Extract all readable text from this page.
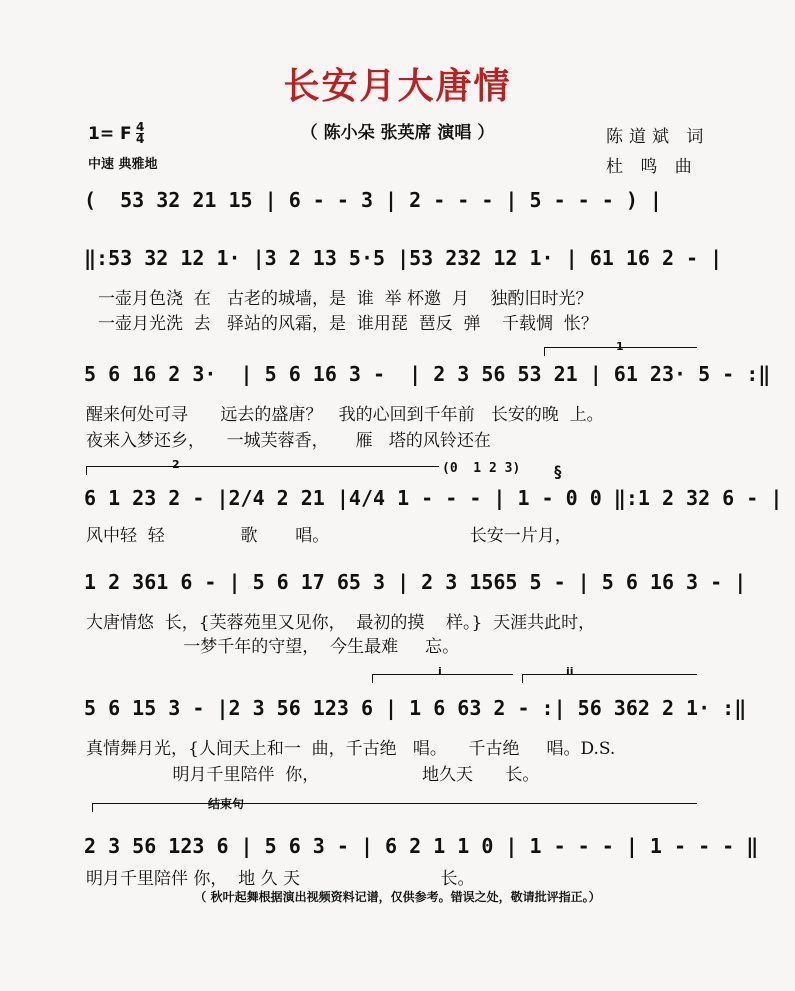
长安月大唐情
（ 陈小朵 张英席 演唱 ）
1= F $\frac{4}{4}$
中速 典雅地
陈道斌 词
杜 鸣 曲
(  53 32 21 15 | 6 - - 3 | 2 - - - | 5 - - - ) |
‖:53 32 12 1· |3 2 13 5·5 |53 232 12 1· | 61 16 2 - |
一壶月色浇  在   古老的城墙，是  谁  举 杯邀  月    独酌旧时光？
一壶月光洗  去   驿站的风霜，是  谁用琵  琶反  弹    千载惆  怅？
1
5 6 16 2 3·  | 5 6 16 3 -  | 2 3 56 53 21 | 61 23· 5 - :‖
醒来何处可寻      远去的盛唐？   我的心回到千年前   长安的晚  上。
夜来入梦还乡，    一城芙蓉香，     雁   塔的风铃还在
2	(0  1 2 3) §
6 1 23 2 - |2/4 2 21 |4/4 1 - - - | 1 - 0 0 ‖:1 2 32 6 - |
风中轻  轻              歌       唱。                          长安一片月，
1 2 361 6 - | 5 6 17 65 3 | 2 3 1565 5 - | 5 6 16 3 - |
大唐情悠  长，{芙蓉苑里又见你，  最初的摸    样。}  天涯共此时，
一梦千年的守望，  今生最难     忘。
i	ii
5 6 15 3 - |2 3 56 123 6 | 1 6 63 2 - :| 56 362 2 1· :‖
真情舞月光，{人间天上和一  曲，千古绝   唱。    千古绝     唱。D.S.
明月千里陪伴  你，                   地久天      长。
结束句
2 3 56 123 6 | 5 6 3 - | 6 2 1 1 0 | 1 - - - | 1 - - - ‖
明月千里陪伴 你，  地 久 天                          长。
（ 秋叶起舞根据演出视频资料记谱，仅供参考。错误之处，敬请批评指正。）
